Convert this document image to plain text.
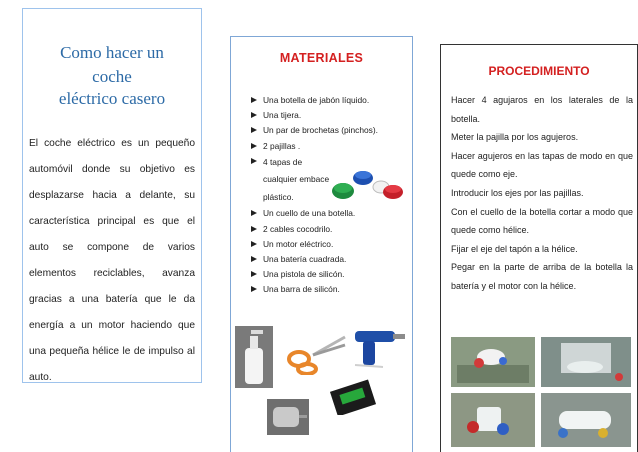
Como hacer un
coche
eléctrico casero

El coche eléctrico es un pequeño automóvil donde su objetivo es desplazarse hacia a delante, su característica principal es que el auto se compone de varios elementos reciclables, avanza gracias a una batería que le da energía a un motor haciendo que una pequeña hélice le de impulso al auto.

MATERIALES
Una botella de jabón líquido.
Una tijera.
Un par de brochetas (pinchos).
2 pajillas .
4 tapas de cualquier embace plástico.
Un cuello de una botella.
2 cables cocodrilo.
Un motor eléctrico.
Una batería cuadrada.
Una pistola de silicón.
Una barra de silicón.
PROCEDIMIENTO

Hacer 4 agujaros en los laterales de la botella.

Meter la pajilla por los agujeros.

Hacer agujeros en las tapas de modo en que quede como eje.

Introducir los ejes por las pajillas.

Con el cuello de la botella cortar a modo que quede como hélice.

Fijar el eje del tapón a la hélice.

Pegar en la parte de arriba de la botella la batería y el motor con la hélice.
